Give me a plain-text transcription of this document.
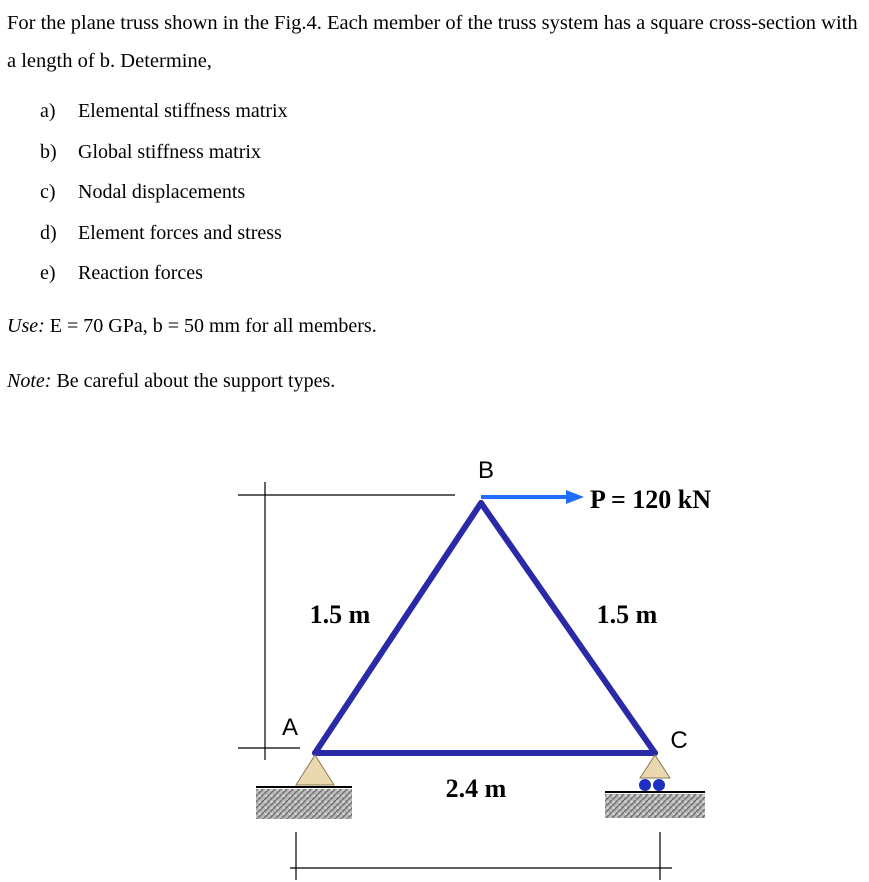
For the plane truss shown in the Fig.4. Each member of the truss system has a square cross-section with a length of b. Determine,
a) Elemental stiffness matrix
b) Global stiffness matrix
c) Nodal displacements
d) Element forces and stress
e) Reaction forces
Use: E = 70 GPa, b = 50 mm for all members.
Note: Be careful about the support types.
B
A	C
P = 120 kN
1.5 m	1.5 m
2.4 m
